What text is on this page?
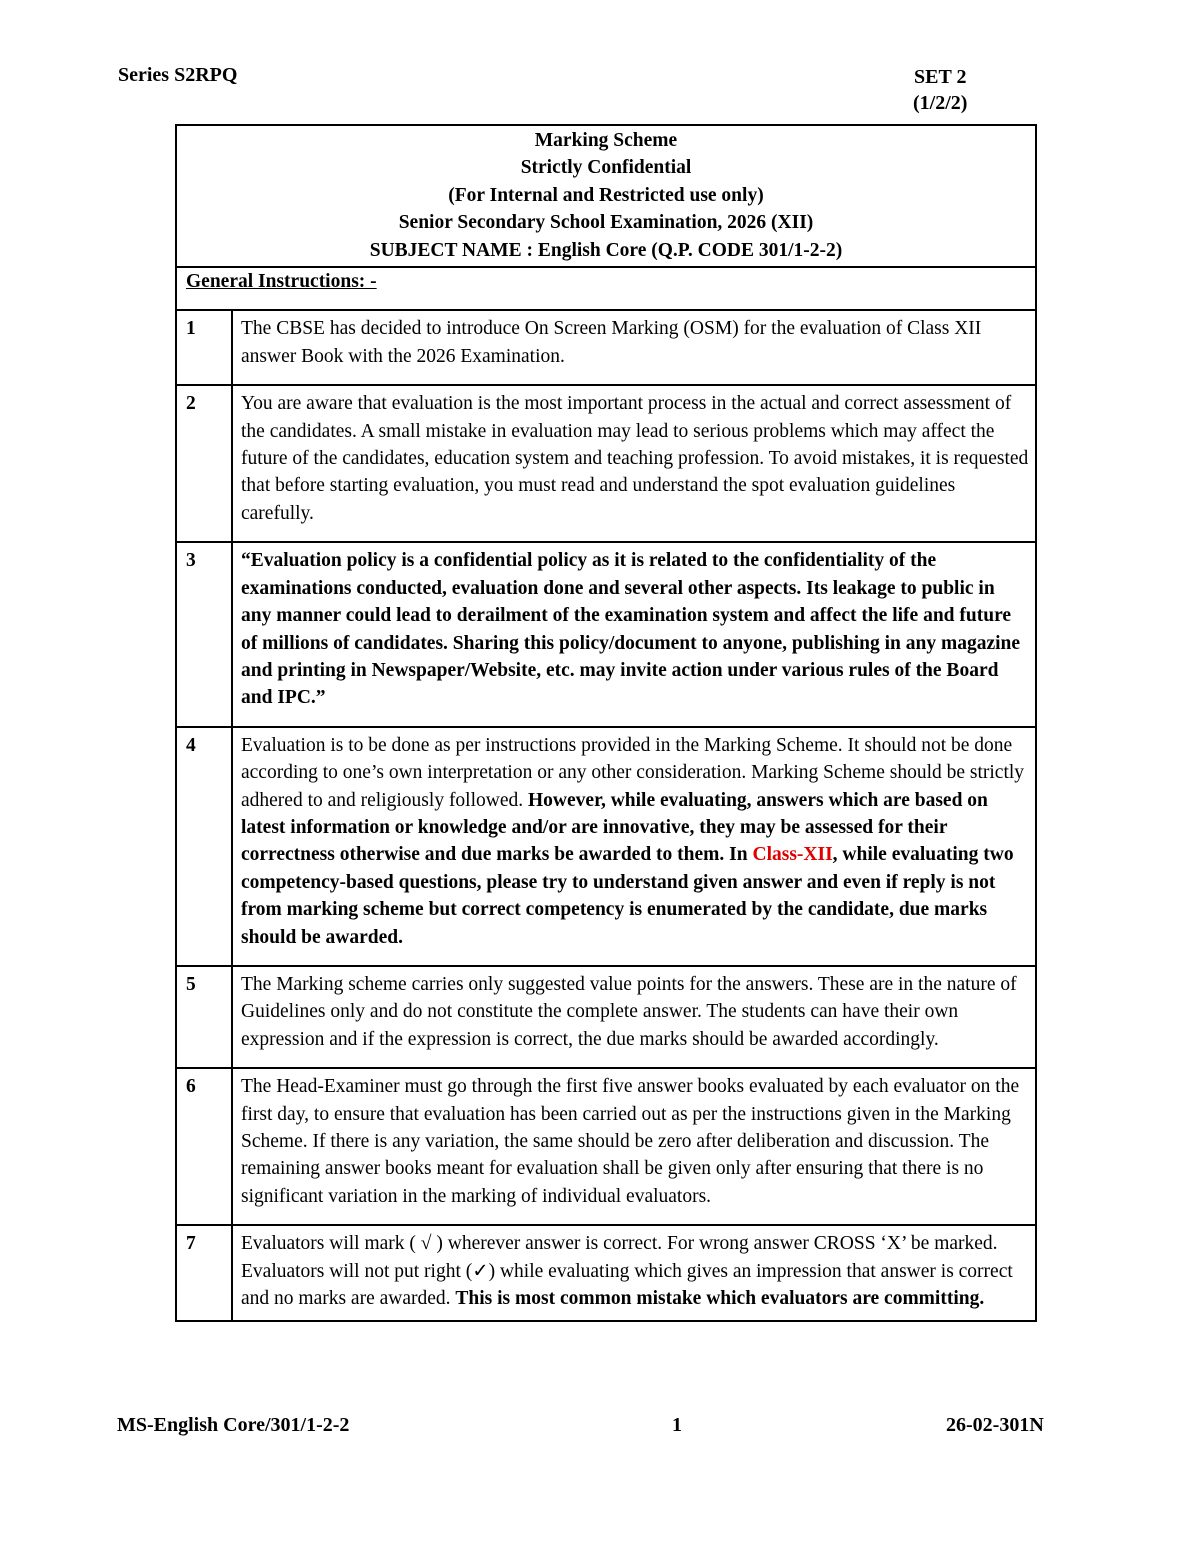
Series S2RPQ	SET 2
(1/2/2)
Marking Scheme
Strictly Confidential
(For Internal and Restricted use only)
Senior Secondary School Examination, 2026 (XII)
SUBJECT NAME : English Core (Q.P. CODE 301/1-2-2)	

General Instructions: -	
1	The CBSE has decided to introduce On Screen Marking (OSM) for the evaluation of Class XII answer Book with the 2026 Examination.
2	You are aware that evaluation is the most important process in the actual and correct assessment of the candidates. A small mistake in evaluation may lead to serious problems which may affect the future of the candidates, education system and teaching profession. To avoid mistakes, it is requested that before starting evaluation, you must read and understand the spot evaluation guidelines carefully.
3	“Evaluation policy is a confidential policy as it is related to the confidentiality of the examinations conducted, evaluation done and several other aspects. Its leakage to public in any manner could lead to derailment of the examination system and affect the life and future of millions of candidates. Sharing this policy/document to anyone, publishing in any magazine and printing in Newspaper/Website, etc. may invite action under various rules of the Board and IPC.”
4	Evaluation is to be done as per instructions provided in the Marking Scheme. It should not be done according to one’s own interpretation or any other consideration. Marking Scheme should be strictly adhered to and religiously followed. However, while evaluating, answers which are based on latest information or knowledge and/or are innovative, they may be assessed for their correctness otherwise and due marks be awarded to them. In Class-XII, while evaluating two competency-based questions, please try to understand given answer and even if reply is not from marking scheme but correct competency is enumerated by the candidate, due marks should be awarded.
5	The Marking scheme carries only suggested value points for the answers. These are in the nature of Guidelines only and do not constitute the complete answer. The students can have their own expression and if the expression is correct, the due marks should be awarded accordingly.
6	The Head-Examiner must go through the first five answer books evaluated by each evaluator on the first day, to ensure that evaluation has been carried out as per the instructions given in the Marking Scheme. If there is any variation, the same should be zero after deliberation and discussion. The remaining answer books meant for evaluation shall be given only after ensuring that there is no significant variation in the marking of individual evaluators.
7	Evaluators will mark ( √ ) wherever answer is correct. For wrong answer CROSS ‘X’ be marked. Evaluators will not put right (✓) while evaluating which gives an impression that answer is correct and no marks are awarded. This is most common mistake which evaluators are committing.
MS-English Core/301/1-2-2	1	26-02-301N
